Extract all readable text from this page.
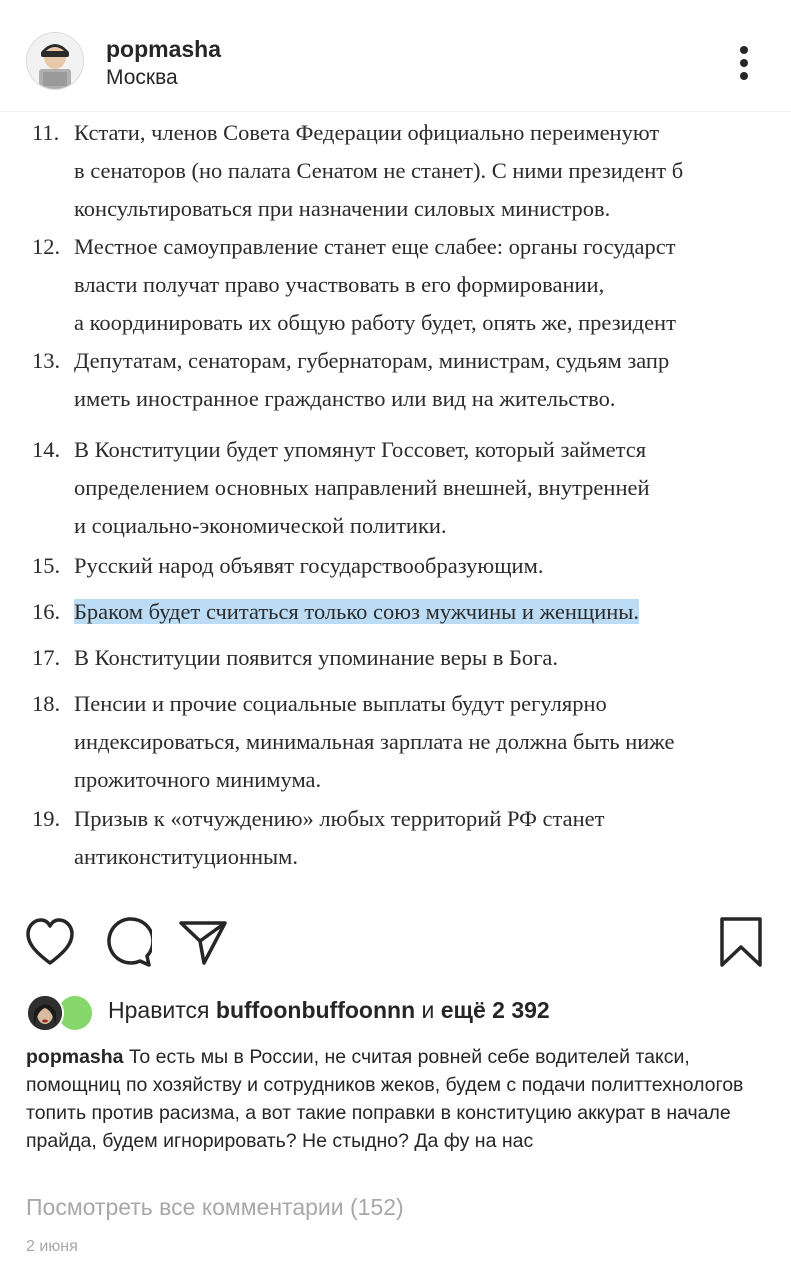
popmasha
Москва
11. Кстати, членов Совета Федерации официально переименуют
в сенаторов (но палата Сенатом не станет). С ними президент б
консультироваться при назначении силовых министров.
12. Местное самоуправление станет еще слабее: органы государст
власти получат право участвовать в его формировании,
а координировать их общую работу будет, опять же, президент
13. Депутатам, сенаторам, губернаторам, министрам, судьям запр
иметь иностранное гражданство или вид на жительство.
14. В Конституции будет упомянут Госсовет, который займется
определением основных направлений внешней, внутренней
и социально-экономической политики.
15. Русский народ объявят государствообразующим.
16. Браком будет считаться только союз мужчины и женщины.
17. В Конституции появится упоминание веры в Бога.
18. Пенсии и прочие социальные выплаты будут регулярно
индексироваться, минимальная зарплата не должна быть ниже
прожиточного минимума.
19. Призыв к «отчуждению» любых территорий РФ станет
антиконституционным.
Нравится buffoonbuffoonnn и ещё 2 392
popmasha То есть мы в России, не считая ровней себе водителей такси, помощниц по хозяйству и сотрудников жеков, будем с подачи политтехнологов топить против расизма, а вот такие поправки в конституцию аккурат в начале прайда, будем игнорировать? Не стыдно? Да фу на нас
Посмотреть все комментарии (152)
2 июня
